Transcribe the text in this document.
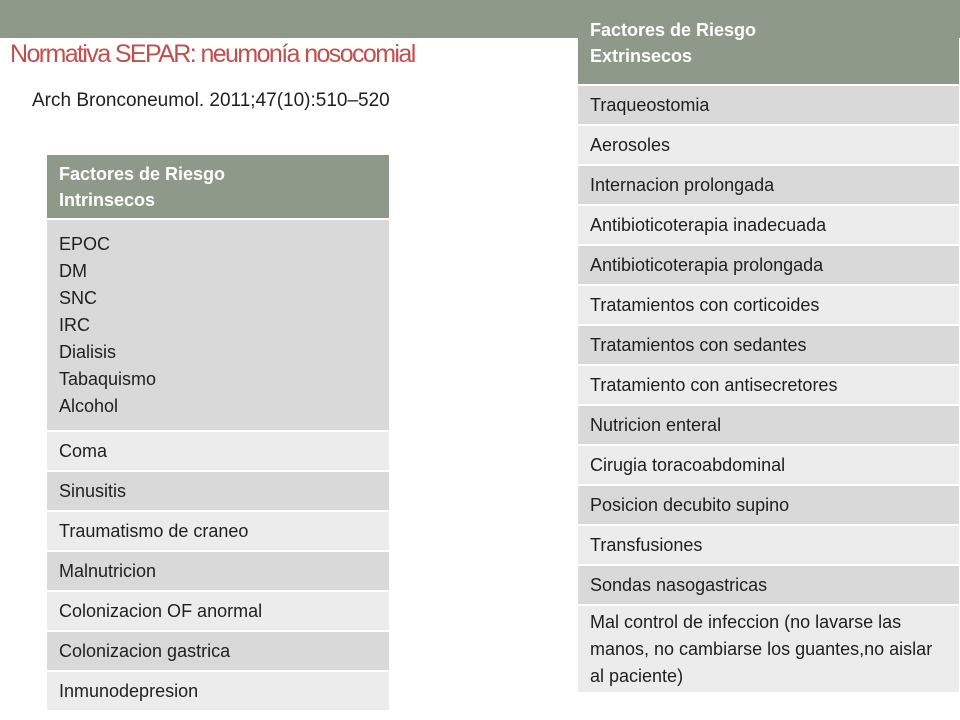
Normativa SEPAR: neumonía nosocomial
Arch Bronconeumol. 2011;47(10):510–520
Factores de Riesgo
Intrinsecos

EPOC
DM
SNC
IRC
Dialisis
Tabaquismo
Alcohol

Coma
Sinusitis
Traumatismo de craneo
Malnutricion
Colonizacion OF anormal
Colonizacion gastrica
Inmunodepresion
Factores de Riesgo
Extrinsecos

Traqueostomia
Aerosoles
Internacion prolongada
Antibioticoterapia inadecuada
Antibioticoterapia prolongada
Tratamientos con corticoides
Tratamientos con sedantes
Tratamiento con antisecretores
Nutricion enteral
Cirugia toracoabdominal
Posicion decubito supino
Transfusiones
Sondas nasogastricas
Mal control de infeccion (no lavarse las manos, no cambiarse los guantes,no aislar al paciente)
